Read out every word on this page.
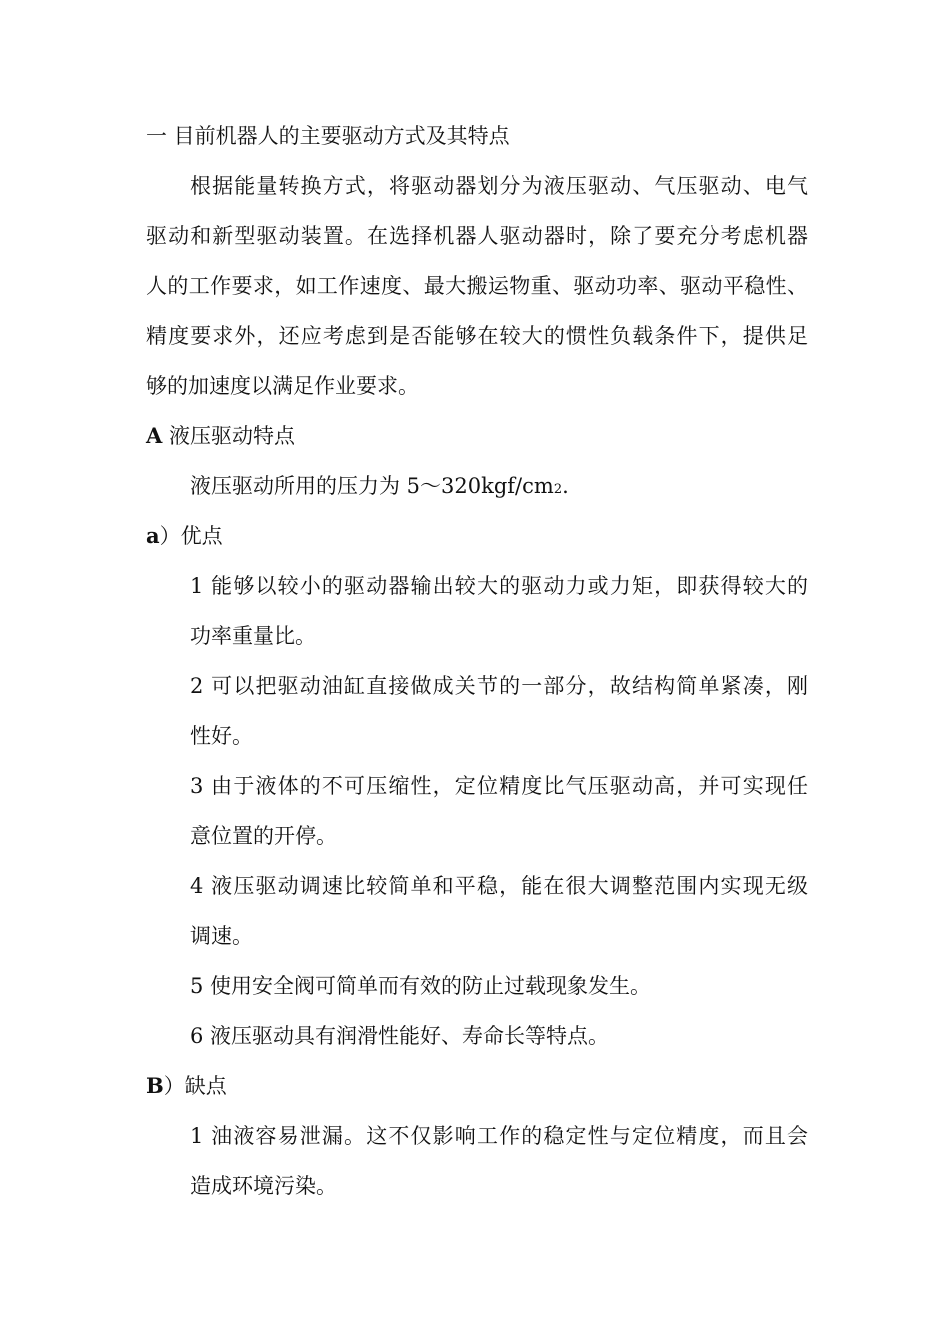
一 目前机器人的主要驱动方式及其特点
根据能量转换方式，将驱动器划分为液压驱动、气压驱动、电气
驱动和新型驱动装置。在选择机器人驱动器时，除了要充分考虑机器
人的工作要求，如工作速度、最大搬运物重、驱动功率、驱动平稳性、
精度要求外，还应考虑到是否能够在较大的惯性负载条件下，提供足
够的加速度以满足作业要求。
A 液压驱动特点
液压驱动所用的压力为 5～320kgf/cm2.
a）优点
1 能够以较小的驱动器输出较大的驱动力或力矩，即获得较大的
功率重量比。
2 可以把驱动油缸直接做成关节的一部分，故结构简单紧凑，刚
性好。
3 由于液体的不可压缩性，定位精度比气压驱动高，并可实现任
意位置的开停。
4 液压驱动调速比较简单和平稳，能在很大调整范围内实现无级
调速。
5 使用安全阀可简单而有效的防止过载现象发生。
6 液压驱动具有润滑性能好、寿命长等特点。
B）缺点
1 油液容易泄漏。这不仅影响工作的稳定性与定位精度，而且会
造成环境污染。
